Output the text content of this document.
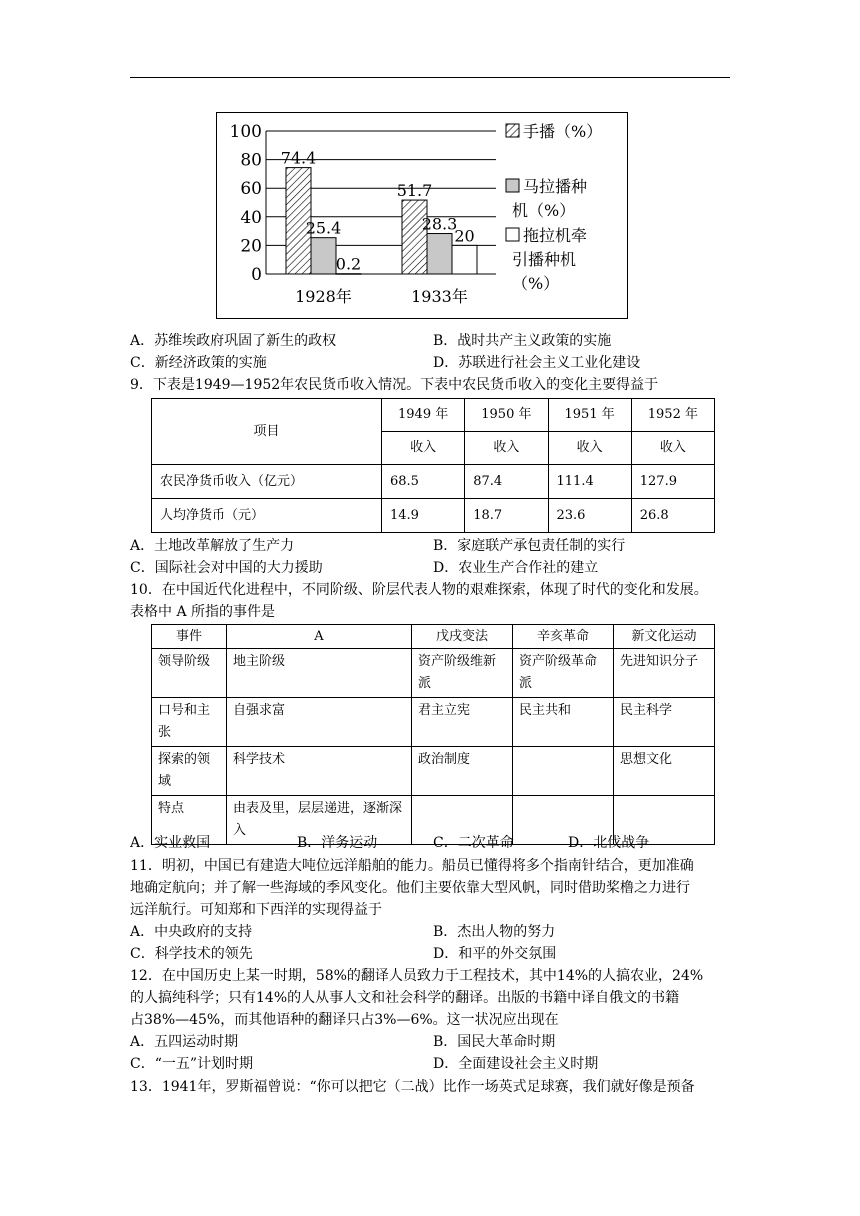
0
20
40
60
80
100
74.4
25.4
0.2
1928年
51.7
28.3
20
1933年
手播（%）
马拉播种
机（%）
拖拉机牵
引播种机
（%）
A．苏维埃政府巩固了新生的政权	B．战时共产主义政策的实施
C．新经济政策的实施	D．苏联进行社会主义工业化建设
9．下表是1949—1952年农民货币收入情况。下表中农民货币收入的变化主要得益于
项目	1949 年	1950 年	1951 年	1952 年
	收入	收入	收入	收入
农民净货币收入（亿元）	68.5	87.4	111.4	127.9
人均净货币（元）	14.9	18.7	23.6	26.8
A．土地改革解放了生产力	B．家庭联产承包责任制的实行
C．国际社会对中国的大力援助	D．农业生产合作社的建立
10．在中国近代化进程中，不同阶级、阶层代表人物的艰难探索，体现了时代的变化和发展。
表格中 A 所指的事件是
事件	A	戊戌变法	辛亥革命	新文化运动
领导阶级	地主阶级	资产阶级维新派	资产阶级革命派	先进知识分子
口号和主张	自强求富	君主立宪	民主共和	民主科学
探索的领域	科学技术	政治制度		思想文化
特点	由表及里，层层递进，逐渐深入			
A．实业救国	B．洋务运动	C．二次革命	D．北伐战争
11．明初，中国已有建造大吨位远洋船舶的能力。船员已懂得将多个指南针结合，更加准确
地确定航向；并了解一些海域的季风变化。他们主要依靠大型风帆，同时借助桨橹之力进行
远洋航行。可知郑和下西洋的实现得益于
A．中央政府的支持	B．杰出人物的努力
C．科学技术的领先	D．和平的外交氛围
12．在中国历史上某一时期，58%的翻译人员致力于工程技术，其中14%的人搞农业，24%
的人搞纯科学；只有14%的人从事人文和社会科学的翻译。出版的书籍中译自俄文的书籍
占38%—45%，而其他语种的翻译只占3%—6%。这一状况应出现在
A．五四运动时期	B．国民大革命时期
C．“一五”计划时期	D．全面建设社会主义时期
13．1941年，罗斯福曾说：“你可以把它（二战）比作一场英式足球赛，我们就好像是预备
